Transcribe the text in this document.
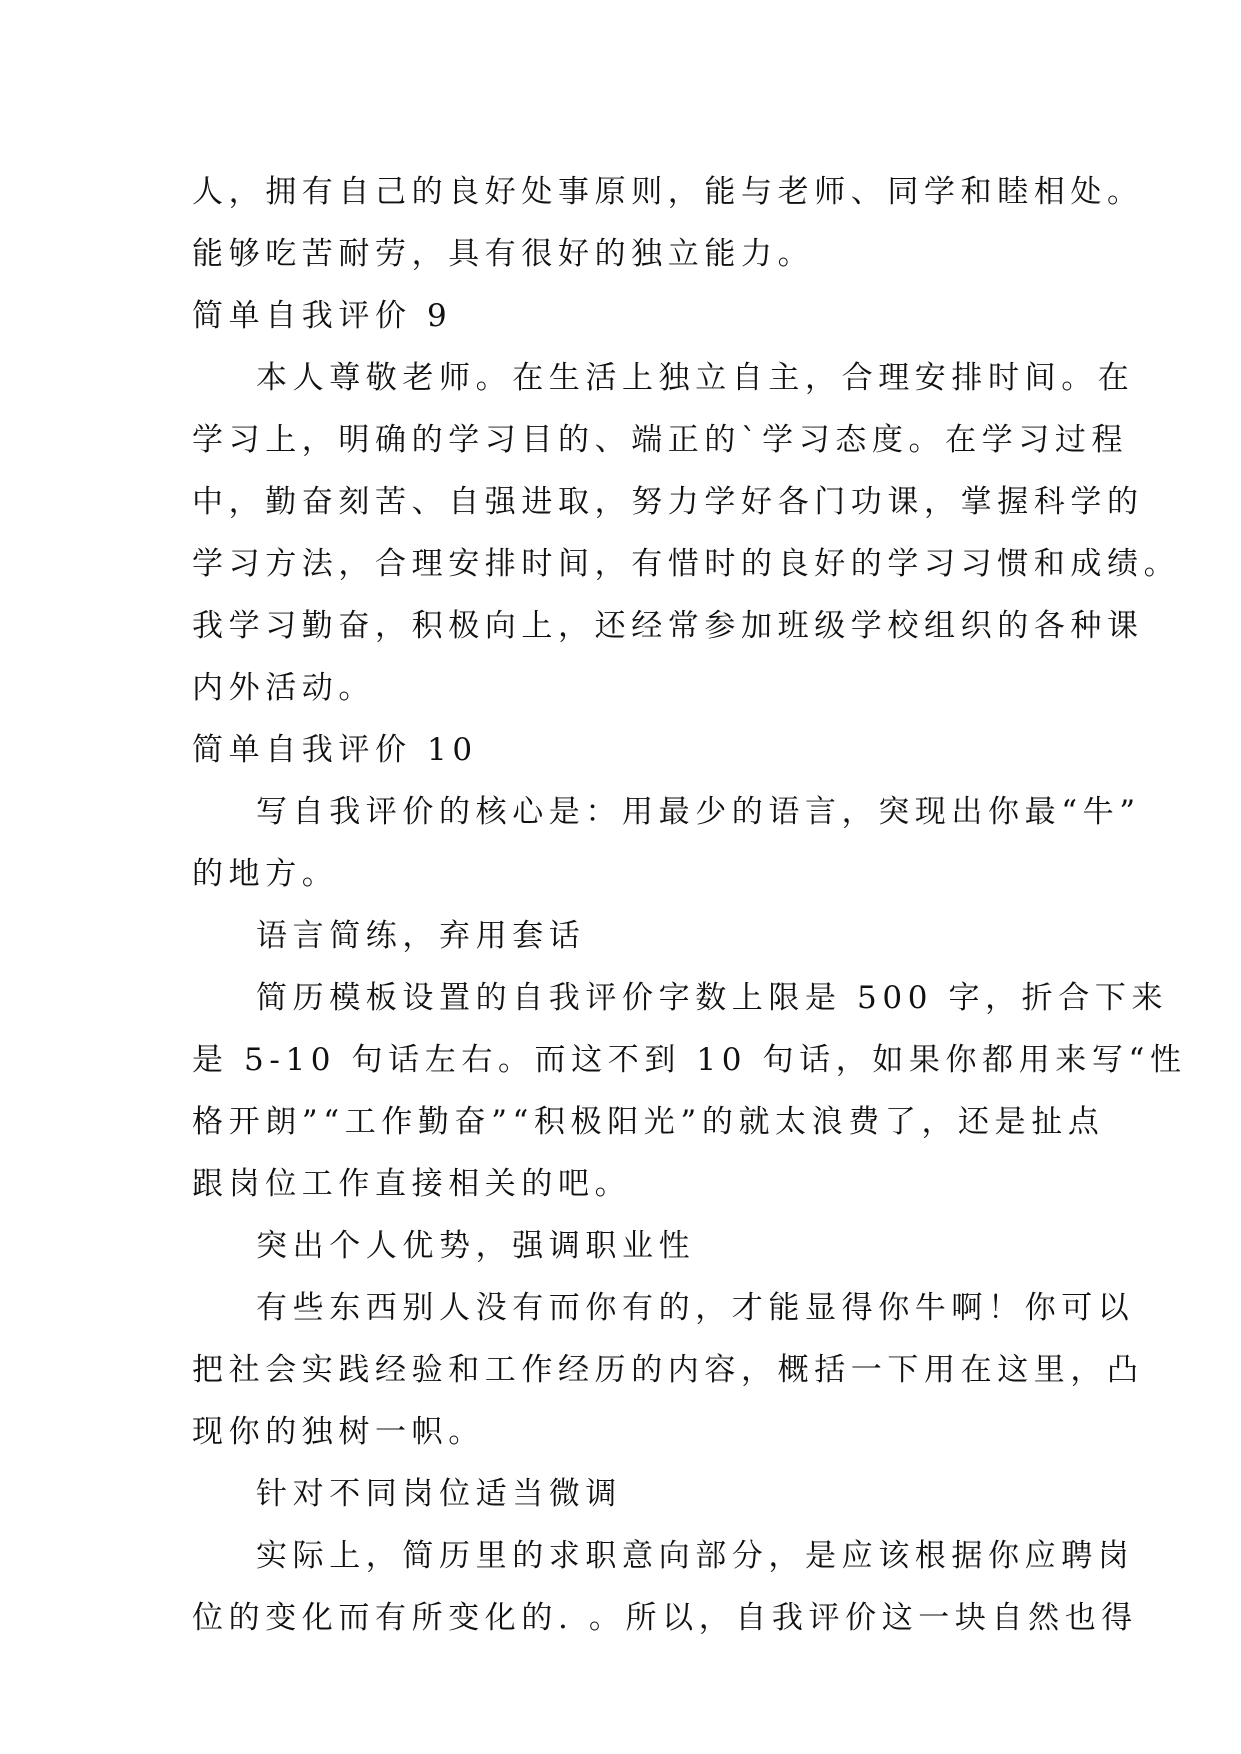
人，拥有自己的良好处事原则，能与老师、同学和睦相处。
能够吃苦耐劳，具有很好的独立能力。
简单自我评价 9
本人尊敬老师。在生活上独立自主，合理安排时间。在
学习上，明确的学习目的、端正的`学习态度。在学习过程
中，勤奋刻苦、自强进取，努力学好各门功课，掌握科学的
学习方法，合理安排时间，有惜时的良好的学习习惯和成绩。
我学习勤奋，积极向上，还经常参加班级学校组织的各种课
内外活动。
简单自我评价 10
写自我评价的核心是：用最少的语言，突现出你最“牛”
的地方。
语言简练，弃用套话
简历模板设置的自我评价字数上限是 500 字，折合下来
是 5-10 句话左右。而这不到 10 句话，如果你都用来写“性
格开朗”“工作勤奋”“积极阳光”的就太浪费了，还是扯点
跟岗位工作直接相关的吧。
突出个人优势，强调职业性
有些东西别人没有而你有的，才能显得你牛啊！你可以
把社会实践经验和工作经历的内容，概括一下用在这里，凸
现你的独树一帜。
针对不同岗位适当微调
实际上，简历里的求职意向部分，是应该根据你应聘岗
位的变化而有所变化的. 。所以，自我评价这一块自然也得
